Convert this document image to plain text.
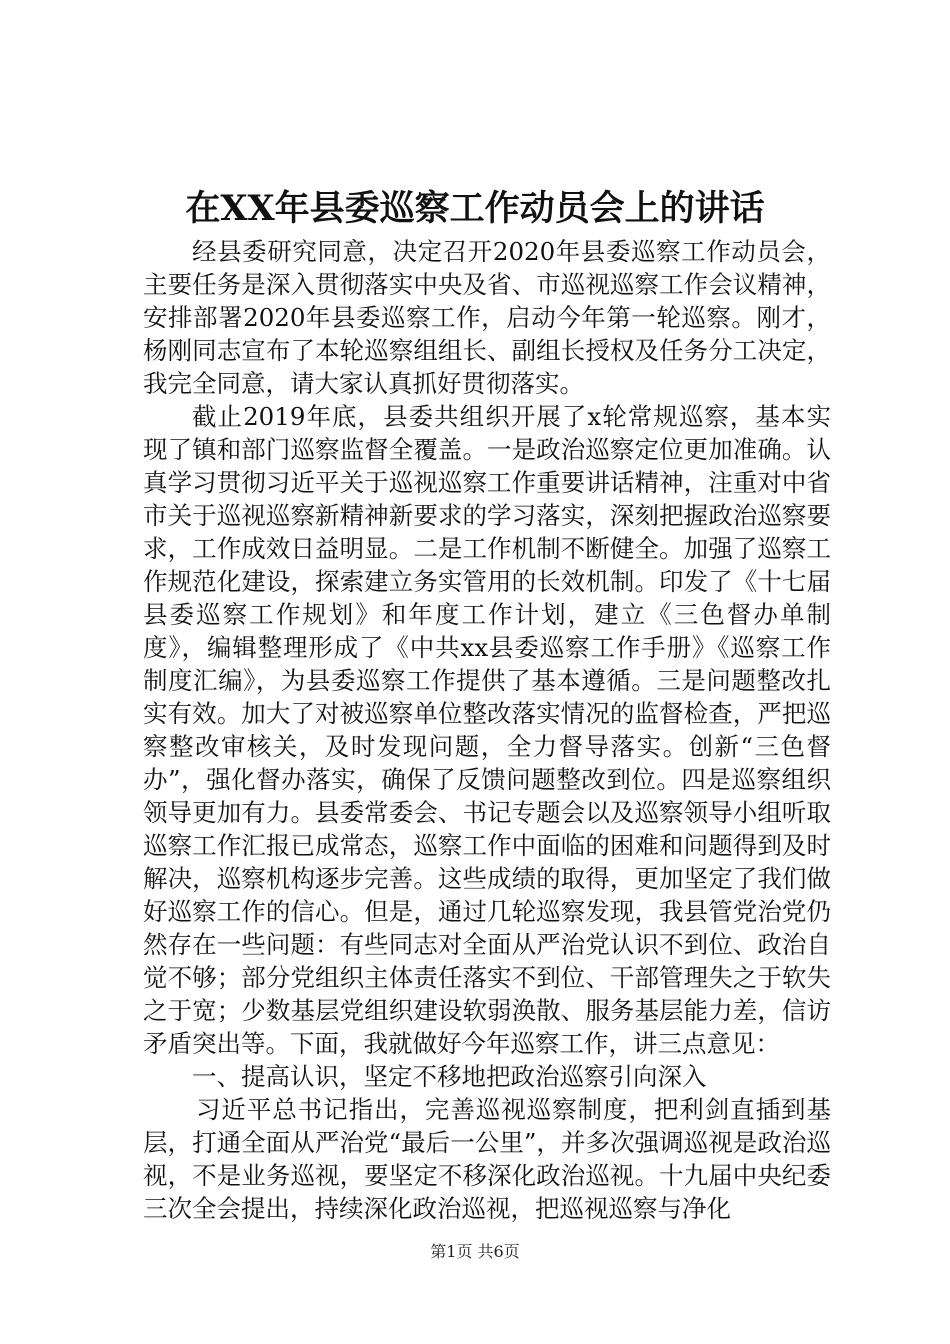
在XX年县委巡察工作动员会上的讲话

经县委研究同意，决定召开2020年县委巡察工作动员会，主要任务是深入贯彻落实中央及省、市巡视巡察工作会议精神，安排部署2020年县委巡察工作，启动今年第一轮巡察。刚才，杨刚同志宣布了本轮巡察组组长、副组长授权及任务分工决定，我完全同意，请大家认真抓好贯彻落实。

截止2019年底，县委共组织开展了x轮常规巡察，基本实现了镇和部门巡察监督全覆盖。一是政治巡察定位更加准确。认真学习贯彻习近平关于巡视巡察工作重要讲话精神，注重对中省市关于巡视巡察新精神新要求的学习落实，深刻把握政治巡察要求，工作成效日益明显。二是工作机制不断健全。加强了巡察工作规范化建设，探索建立务实管用的长效机制。印发了《十七届县委巡察工作规划》和年度工作计划，建立《三色督办单制度》，编辑整理形成了《中共xx县委巡察工作手册》《巡察工作制度汇编》，为县委巡察工作提供了基本遵循。三是问题整改扎实有效。加大了对被巡察单位整改落实情况的监督检查，严把巡察整改审核关，及时发现问题，全力督导落实。创新“三色督办”，强化督办落实，确保了反馈问题整改到位。四是巡察组织领导更加有力。县委常委会、书记专题会以及巡察领导小组听取巡察工作汇报已成常态，巡察工作中面临的困难和问题得到及时解决，巡察机构逐步完善。这些成绩的取得，更加坚定了我们做好巡察工作的信心。但是，通过几轮巡察发现，我县管党治党仍然存在一些问题：有些同志对全面从严治党认识不到位、政治自觉不够；部分党组织主体责任落实不到位、干部管理失之于软失之于宽；少数基层党组织建设软弱涣散、服务基层能力差，信访矛盾突出等。下面，我就做好今年巡察工作，讲三点意见：

一、提高认识，坚定不移地把政治巡察引向深入

习近平总书记指出，完善巡视巡察制度，把利剑直插到基层，打通全面从严治党“最后一公里”，并多次强调巡视是政治巡视，不是业务巡视，要坚定不移深化政治巡视。十九届中央纪委三次全会提出，持续深化政治巡视，把巡视巡察与净化

第1页 共6页
